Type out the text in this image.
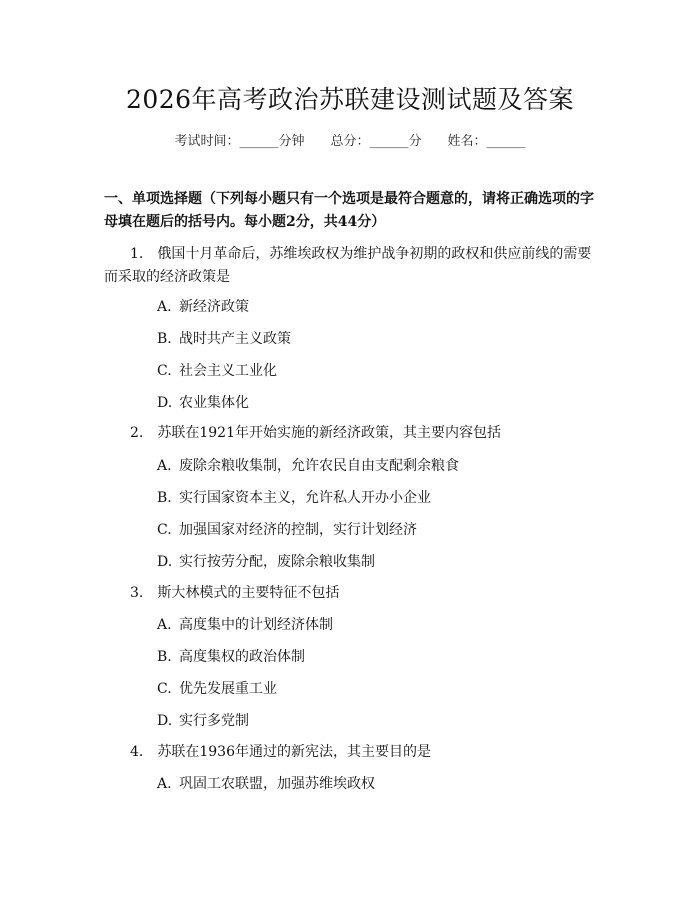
2026年高考政治苏联建设测试题及答案
考试时间：______分钟 总分：______分 姓名：______
一、单项选择题（下列每小题只有一个选项是最符合题意的，请将正确选项的字母填在题后的括号内。每小题2分，共44分）
1. 俄国十月革命后，苏维埃政权为维护战争初期的政权和供应前线的需要而采取的经济政策是
A. 新经济政策
B. 战时共产主义政策
C. 社会主义工业化
D. 农业集体化
2. 苏联在1921年开始实施的新经济政策，其主要内容包括
A. 废除余粮收集制，允许农民自由支配剩余粮食
B. 实行国家资本主义，允许私人开办小企业
C. 加强国家对经济的控制，实行计划经济
D. 实行按劳分配，废除余粮收集制
3. 斯大林模式的主要特征不包括
A. 高度集中的计划经济体制
B. 高度集权的政治体制
C. 优先发展重工业
D. 实行多党制
4. 苏联在1936年通过的新宪法，其主要目的是
A. 巩固工农联盟，加强苏维埃政权
